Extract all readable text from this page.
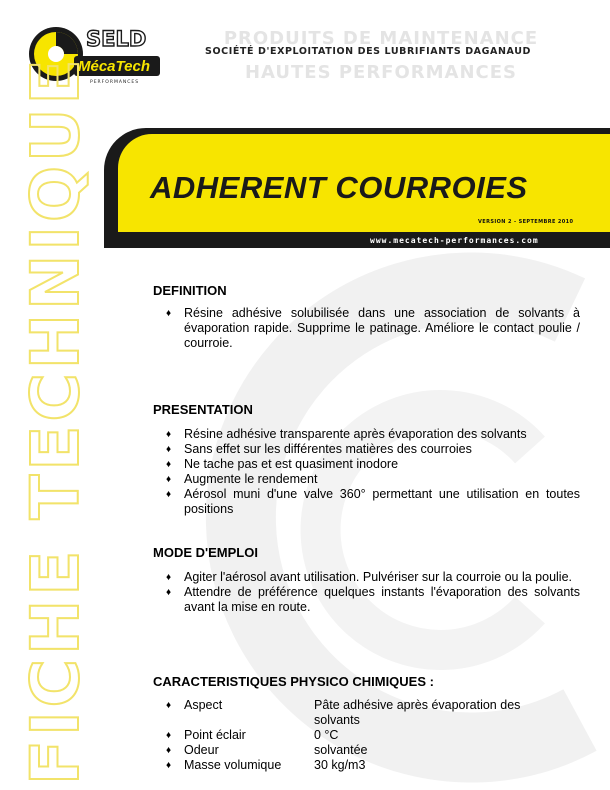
SELD
MécaTech
PERFORMANCES
PRODUITS DE MAINTENANCE
SOCIÉTÉ D'EXPLOITATION DES LUBRIFIANTS DAGANAUD
HAUTES PERFORMANCES
FICHE TECHNIQUE ADHERENT COURROIES
VERSION 2 - SEPTEMBRE 2010
www.mecatech-performances.com
DEFINITION
♦ Résine adhésive solubilisée dans une association de solvants à évaporation rapide. Supprime le patinage. Améliore le contact poulie / courroie.
PRESENTATION
♦ Résine adhésive transparente après évaporation des solvants
♦ Sans effet sur les différentes matières des courroies
♦ Ne tache pas et est quasiment inodore
♦ Augmente le rendement
♦ Aérosol muni d'une valve 360° permettant une utilisation en toutes positions
MODE D'EMPLOI
♦ Agiter l'aérosol avant utilisation. Pulvériser sur la courroie ou la poulie.
♦ Attendre de préférence quelques instants l'évaporation des solvants avant la mise en route.
CARACTERISTIQUES PHYSICO CHIMIQUES :
♦	Aspect	Pâte adhésive après évaporation des solvants
♦	Point éclair	0 °C
♦	Odeur	solvantée
♦	Masse volumique	30 kg/m3
